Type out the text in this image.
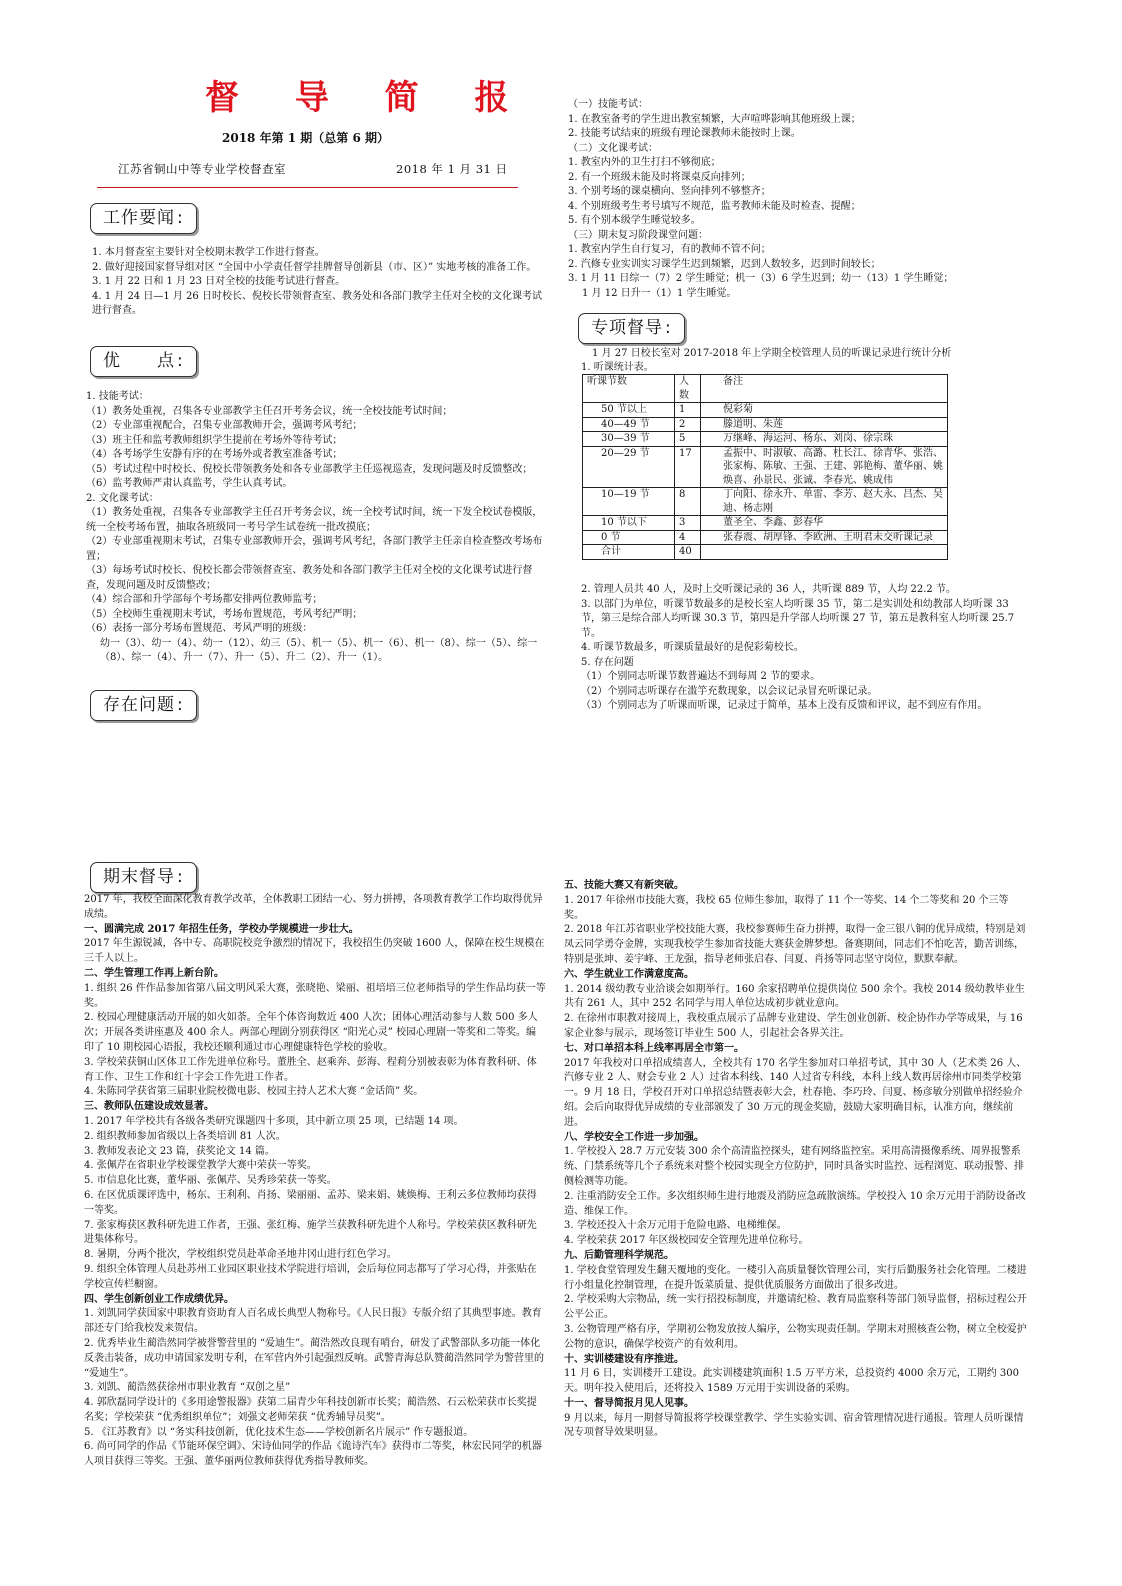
督 导 简 报
2018 年第 1 期（总第 6 期）
江苏省铜山中等专业学校督查室	2018 年 1 月 31 日
工作要闻 :

1. 本月督查室主要针对全校期末教学工作进行督查。

2. 做好迎接国家督导组对区 “全国中小学责任督学挂牌督导创新县（市、区）” 实地考核的准备工作。

3. 1 月 22 日和 1 月 23 日对全校的技能考试进行督查。

4. 1 月 24 日—1 月 26 日时校长、倪校长带领督查室、教务处和各部门教学主任对全校的文化课考试进行督查。

优　　点 :

1. 技能考试：

（1）教务处重视，召集各专业部教学主任召开考务会议，统一全校技能考试时间；

（2）专业部重视配合，召集专业部教师开会，强调考风考纪；

（3）班主任和监考教师组织学生提前在考场外等待考试；

（4）各考场学生安静有序的在考场外或者教室准备考试；

（5）考试过程中时校长、倪校长带领教务处和各专业部教学主任巡视巡查，发现问题及时反馈整改；

（6）监考教师严肃认真监考，学生认真考试。

2. 文化课考试：

（1）教务处重视，召集各专业部教学主任召开考务会议，统一全校考试时间，统一下发全校试卷模版，统一全校考场布置，抽取各班级同一考号学生试卷统一批改摸底；

（2）专业部重视期末考试，召集专业部教师开会，强调考风考纪，各部门教学主任亲自检查整改考场布置；

（3）每场考试时校长、倪校长都会带领督查室、教务处和各部门教学主任对全校的文化课考试进行督查，发现问题及时反馈整改；

（4）综合部和升学部每个考场都安排两位教师监考；

（5）全校师生重视期末考试，考场布置规范，考风考纪严明；

（6）表扬一部分考场布置规范、考风严明的班级：

幼一（3）、幼一（4）、幼一（12）、幼三（5）、机一（5）、机一（6）、机一（8）、综一（5）、综一（8）、综一（4）、升一（7）、升一（5）、升二（2）、升一（1）。

存在问题 :

（一）技能考试：

1. 在教室备考的学生进出教室频繁，大声喧哗影响其他班级上课；

2. 技能考试结束的班级有理论课教师未能按时上课。

（二）文化课考试：

1. 教室内外的卫生打扫不够彻底；

2. 有一个班级未能及时将课桌反向排列；

3. 个别考场的课桌横向、竖向排列不够整齐；

4. 个别班级考生考号填写不规范，监考教师未能及时检查、提醒；

5. 有个别本级学生睡觉较多。

（三）期末复习阶段课堂问题：

1. 教室内学生自行复习，有的教师不管不问；

2. 汽修专业实训实习课学生迟到频繁，迟到人数较多，迟到时间较长；

3. 1 月 11 日综一（7）2 学生睡觉；机一（3）6 学生迟到；幼一（13）1 学生睡觉；

1 月 12 日升一（1）1 学生睡觉。

专项督导 :
1 月 27 日校长室对 2017-2018 年上学期全校管理人员的听课记录进行统计分析
1. 听课统计表。
听课节数	人数	备注
50 节以上	1	倪彩菊
40—49 节	2	滕道明、朱莲
30—39 节	5	万继峰、海运河、杨东、刘岗、徐宗珠
20—29 节	17	孟振中、时淑敏、高潞、杜长江、徐青华、张浩、张家梅、陈敏、王强、王建、郭艳梅、董华丽、姚焕喜、孙景民、张诚、李春光、姚成伟
10—19 节	8	丁向阳、徐永升、单雷、李芳、赵大永、吕杰、吴迪、杨志刚
10 节以下	3	董圣全、李鑫、彭春华
0 节	4	张春震、胡厚锋、李欧洲、王明君未交听课记录
合计	40	

2. 管理人员共 40 人，及时上交听课记录的 36 人，共听课 889 节，人均 22.2 节。

3. 以部门为单位，听课节数最多的是校长室人均听课 35 节，第二是实训处和幼教部人均听课 33 节，第三是综合部人均听课 30.3 节，第四是升学部人均听课 27 节，第五是教科室人均听课 25.7 节。

4. 听课节数最多，听课质量最好的是倪彩菊校长。

5. 存在问题

（1）个别同志听课节数普遍达不到每周 2 节的要求。

（2）个别同志听课存在滥竽充数现象，以会议记录冒充听课记录。

（3）个别同志为了听课而听课，记录过于简单，基本上没有反馈和评议，起不到应有作用。

期末督导 :

2017 年，我校全面深化教育教学改革，全体教职工团结一心、努力拼搏，各项教育教学工作均取得优异成绩。

一、圆满完成 2017 年招生任务，学校办学规模进一步壮大。

2017 年生源锐减，各中专、高职院校竞争激烈的情况下，我校招生仍突破 1600 人，保障在校生规模在三千人以上。

二、学生管理工作再上新台阶。

1. 组织 26 件作品参加省第八届文明风采大赛，张晓艳、梁丽、祖培培三位老师指导的学生作品均获一等奖。

2. 校园心理健康活动开展的如火如荼。全年个体咨询数近 400 人次；团体心理活动参与人数 500 多人次；开展各类讲座惠及 400 余人。两部心理剧分别获得区 “阳光心灵” 校园心理剧一等奖和二等奖。编印了 10 期校园心语报，我校还顺利通过市心理健康特色学校的验收。

3. 学校荣获铜山区体卫工作先进单位称号。董胜全、赵乘奔、彭海、程莉分别被表彰为体育教科研、体育工作、卫生工作和红十字会工作先进工作者。

4. 朱陈同学获省第三届职业院校微电影、校园主持人艺术大赛 “金话筒” 奖。

三、教师队伍建设成效显著。

1. 2017 年学校共有各级各类研究课题四十多项，其中新立项 25 项，已结题 14 项。

2. 组织教师参加省级以上各类培训 81 人次。

3. 教师发表论文 23 篇，获奖论文 14 篇。

4. 张佩芹在省职业学校课堂教学大赛中荣获一等奖。

5. 市信息化比赛，董华丽、张佩芹、吴秀珍荣获一等奖。

6. 在区优质课评选中，杨东、王利利、肖扬、梁丽丽、孟苏、梁来娟、姚焕梅、王利云多位教师均获得一等奖。

7. 张家梅获区教科研先进工作者，王强、张红梅、施学兰获教科研先进个人称号。学校荣获区教科研先进集体称号。

8. 暑期，分两个批次，学校组织党员赴革命圣地井冈山进行红色学习。

9. 组织全体管理人员赴苏州工业园区职业技术学院进行培训，会后每位同志都写了学习心得，并张贴在学校宣传栏橱窗。

四、学生创新创业工作成绩优异。

1. 刘凯同学获国家中职教育资助育人百名成长典型人物称号。《人民日报》专版介绍了其典型事迹。教育部还专门给我校发来贺信。

2. 优秀毕业生蔺浩然同学被誉警营里的 “爱迪生”。蔺浩然改良现有哨台，研发了武警部队多功能一体化反袭击装备，成功申请国家发明专利，在军营内外引起强烈反响。武警青海总队赞蔺浩然同学为警营里的 “爱迪生”。

3. 刘凯、蔺浩然获徐州市职业教育 “双创之星”

4. 郭欣磊同学设计的《多用途警报器》获第二届青少年科技创新市长奖；蔺浩然、石云松荣获市长奖提名奖；学校荣获 “优秀组织单位”；刘强文老师荣获 “优秀辅导员奖”。

5. 《江苏教育》以 “务实科技创新，优化技术生态——学校创新名片展示” 作专题报道。

6. 尚可同学的作品《节能环保空调》、宋诗仙同学的作品《诡诗汽车》获得市二等奖，林宏民同学的机器人项目获得三等奖。王强、董华丽两位教师获得优秀指导教师奖。

五、技能大赛又有新突破。

1. 2017 年徐州市技能大赛，我校 65 位师生参加，取得了 11 个一等奖、14 个二等奖和 20 个三等奖。

2. 2018 年江苏省职业学校技能大赛，我校参赛师生奋力拼搏，取得一金三银八铜的优异成绩，特别是刘凤云同学勇夺金牌，实现我校学生参加省技能大赛获金牌梦想。备赛期间，同志们不怕吃苦，勤苦训练，特别是张坤、姜宇峰、王龙强，指导老师张启春、闫夏、肖扬等同志坚守岗位，默默奉献。

六、学生就业工作满意度高。

1. 2014 级幼教专业洽谈会如期举行。160 余家招聘单位提供岗位 500 余个。我校 2014 级幼教毕业生共有 261 人，其中 252 名同学与用人单位达成初步就业意向。

2. 在徐州市职教对接周上，我校重点展示了品牌专业建设、学生创业创新、校企协作办学等成果，与 16 家企业参与展示，现场签订毕业生 500 人，引起社会各界关注。

七、对口单招本科上线率再居全市第一。

2017 年我校对口单招成绩喜人，全校共有 170 名学生参加对口单招考试，其中 30 人（艺术类 26 人、汽修专业 2 人、财会专业 2 人）过省本科线、140 人过省专科线，本科上线人数再居徐州市同类学校第一。9 月 18 日，学校召开对口单招总结暨表彰大会，杜春艳、李巧玲、闫夏、杨彦敏分别做单招经验介绍。会后向取得优异成绩的专业部颁发了 30 万元的现金奖励，鼓励大家明确目标，认准方向，继续前进。

八、学校安全工作进一步加强。

1. 学校投入 28.7 万元安装 300 余个高清监控探头，建有网络监控室。采用高清摄像系统、周界报警系统、门禁系统等几个子系统来对整个校园实现全方位防护，同时具备实时监控、远程浏览、联动报警、排侧检测等功能。

2. 注重消防安全工作。多次组织师生进行地震及消防应急疏散演练。学校投入 10 余万元用于消防设备改造、维保工作。

3. 学校还投入十余万元用于危险电路、电梯维保。

4. 学校荣获 2017 年区级校园安全管理先进单位称号。

九、后勤管理科学规范。

1. 学校食堂管理发生翻天覆地的变化。一楼引入高质量餐饮管理公司，实行后勤服务社会化管理。二楼进行小组量化控制管理，在提升饭菜质量、提供优质服务方面做出了很多改进。

2. 学校采购大宗物品，统一实行招投标制度，并邀请纪检、教育局监察科等部门领导监督，招标过程公开公平公正。

3. 公物管理严格有序，学期初公物发放按人编序，公物实现责任制。学期末对照核查公物，树立全校爱护公物的意识，确保学校资产的有效利用。

十、实训楼建设有序推进。

11 月 6 日，实训楼开工建设。此实训楼建筑面积 1.5 万平方米，总投资约 4000 余万元，工期约 300 天。明年投入使用后，还将投入 1589 万元用于实训设备的采购。

十一、督导简报月见人见事。

9 月以来，每月一期督导简报将学校课堂教学、学生实验实训、宿舍管理情况进行通报。管理人员听课情况专项督导效果明显。
